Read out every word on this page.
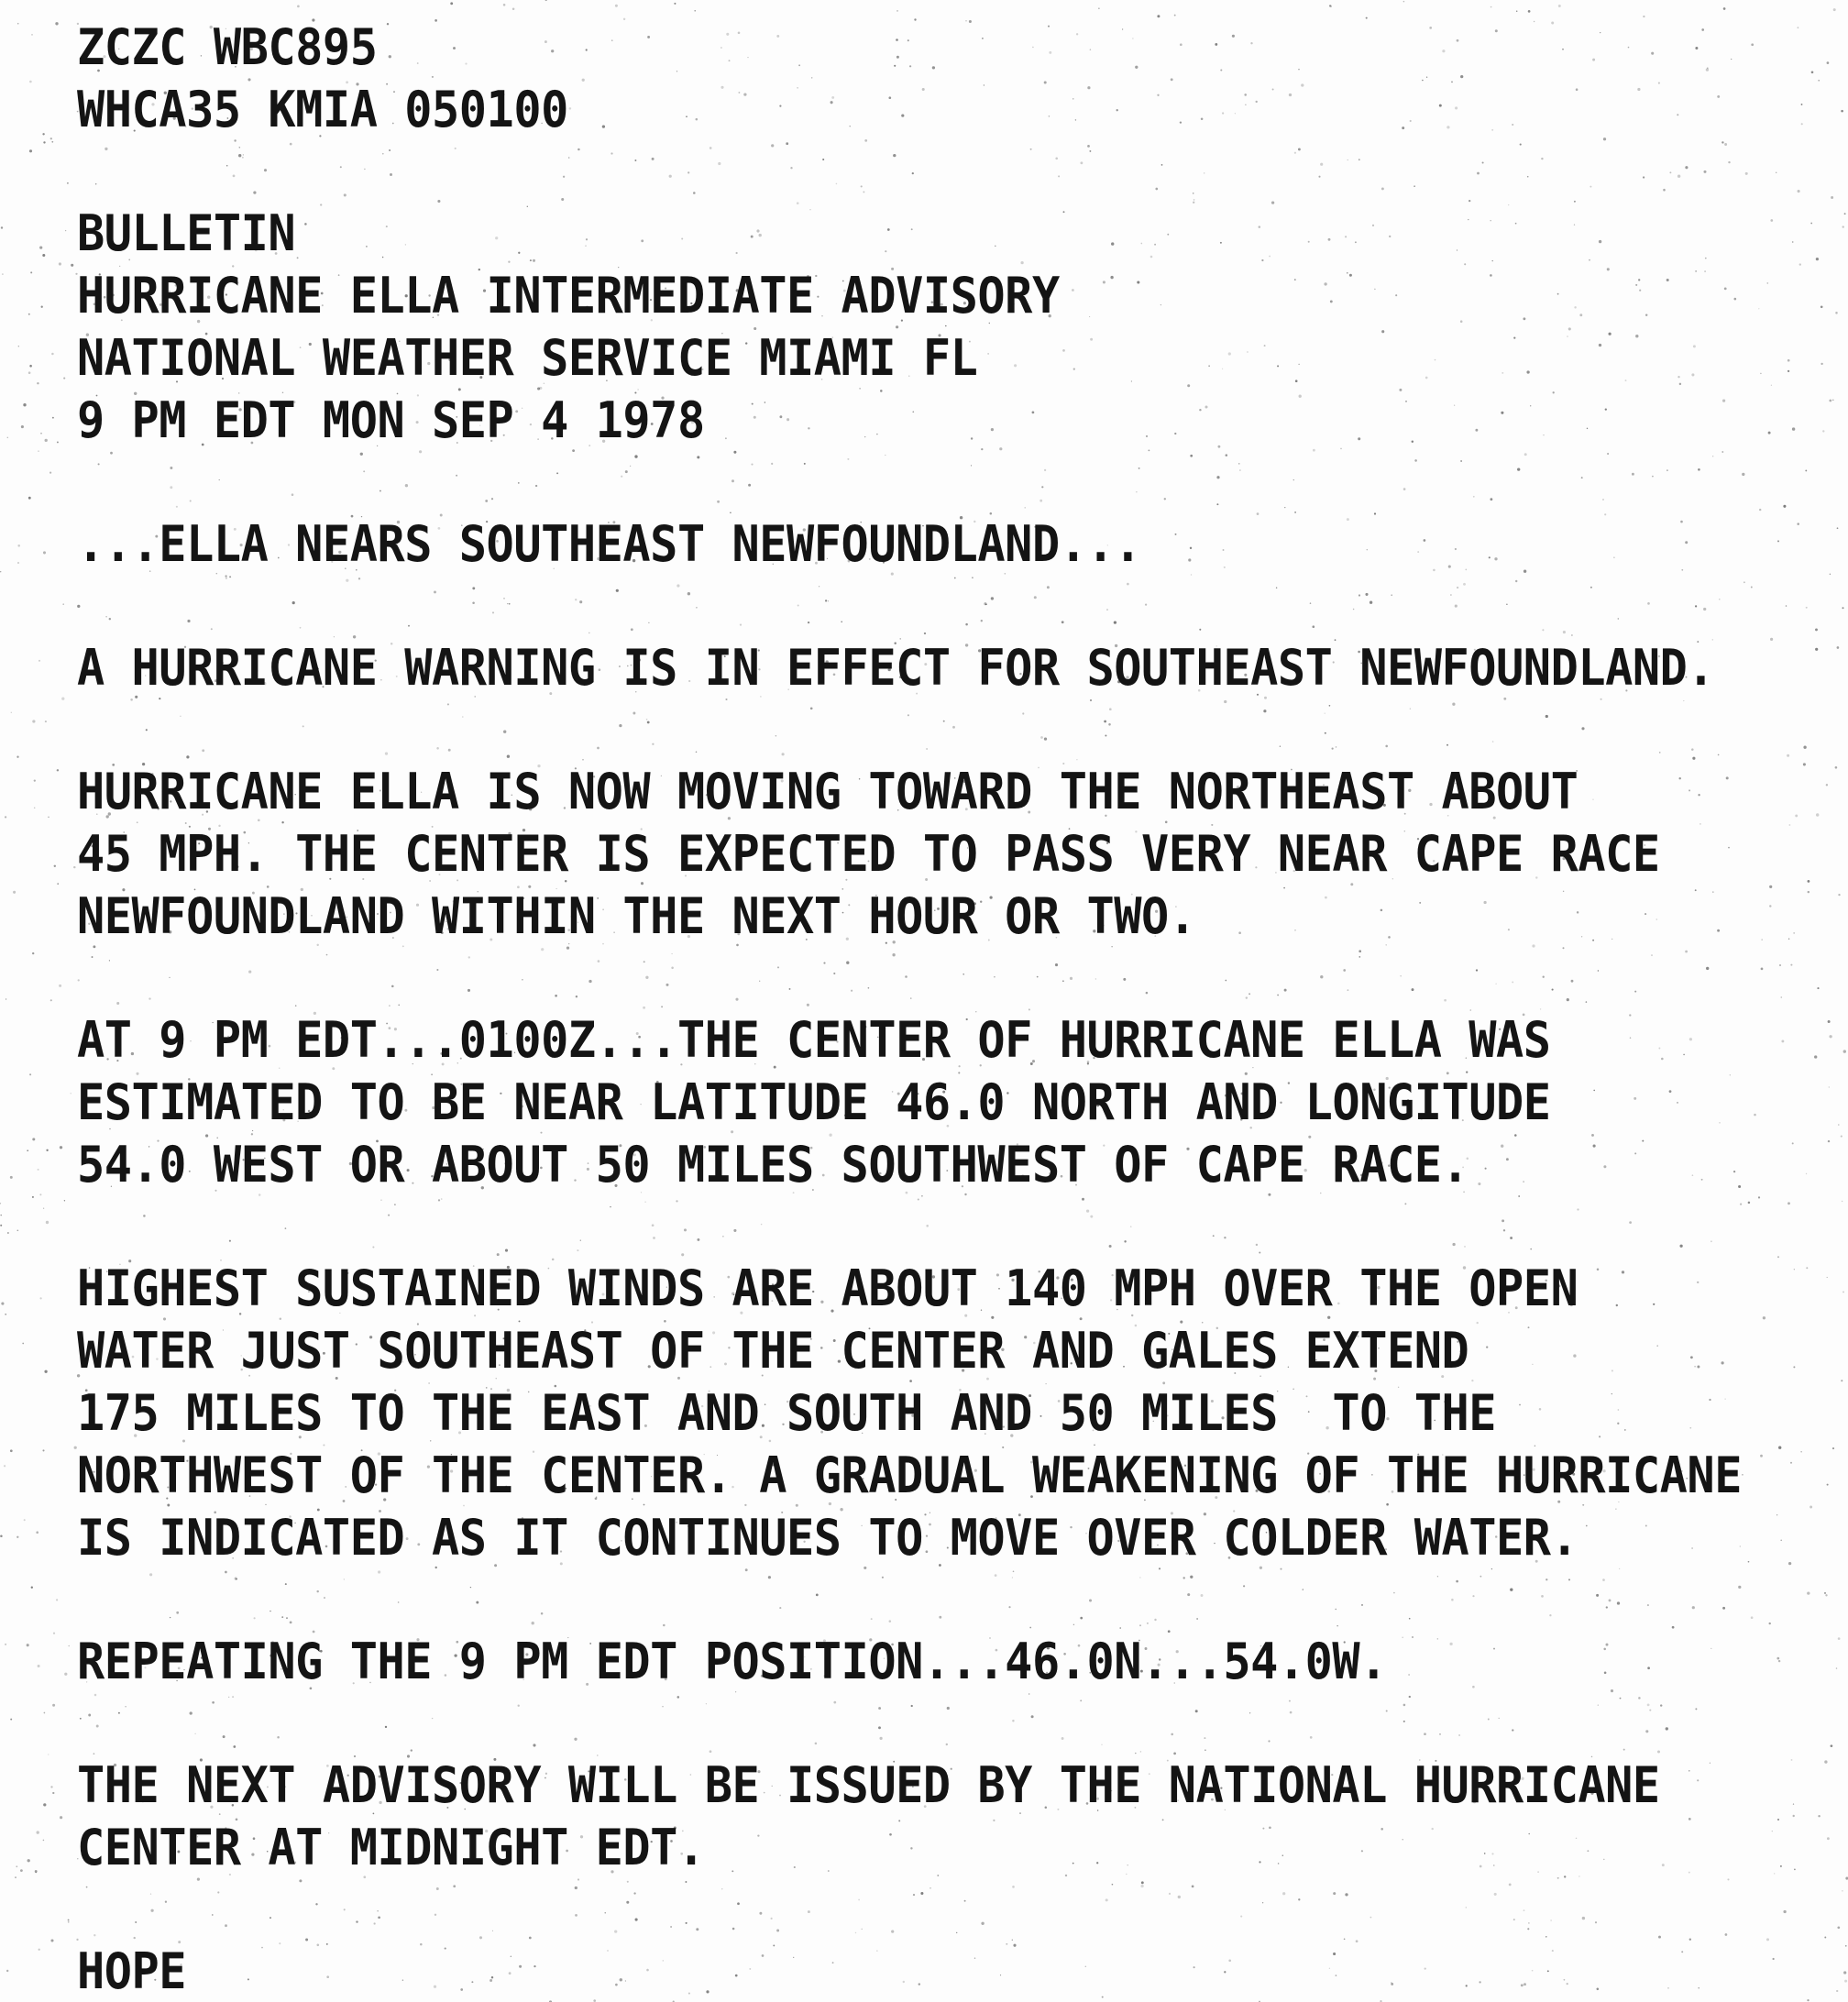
ZCZC WBC895
WHCA35 KMIA 050100
BULLETIN
HURRICANE ELLA INTERMEDIATE ADVISORY
NATIONAL WEATHER SERVICE MIAMI FL
9 PM EDT MON SEP 4 1978
...ELLA NEARS SOUTHEAST NEWFOUNDLAND...
A HURRICANE WARNING IS IN EFFECT FOR SOUTHEAST NEWFOUNDLAND.
HURRICANE ELLA IS NOW MOVING TOWARD THE NORTHEAST ABOUT
45 MPH. THE CENTER IS EXPECTED TO PASS VERY NEAR CAPE RACE
NEWFOUNDLAND WITHIN THE NEXT HOUR OR TWO.
AT 9 PM EDT...0100Z...THE CENTER OF HURRICANE ELLA WAS
ESTIMATED TO BE NEAR LATITUDE 46.0 NORTH AND LONGITUDE
54.0 WEST OR ABOUT 50 MILES SOUTHWEST OF CAPE RACE.
HIGHEST SUSTAINED WINDS ARE ABOUT 140 MPH OVER THE OPEN
WATER JUST SOUTHEAST OF THE CENTER AND GALES EXTEND
175 MILES TO THE EAST AND SOUTH AND 50 MILES  TO THE
NORTHWEST OF THE CENTER. A GRADUAL WEAKENING OF THE HURRICANE
IS INDICATED AS IT CONTINUES TO MOVE OVER COLDER WATER.
REPEATING THE 9 PM EDT POSITION...46.0N...54.0W.
THE NEXT ADVISORY WILL BE ISSUED BY THE NATIONAL HURRICANE
CENTER AT MIDNIGHT EDT.
HOPE
